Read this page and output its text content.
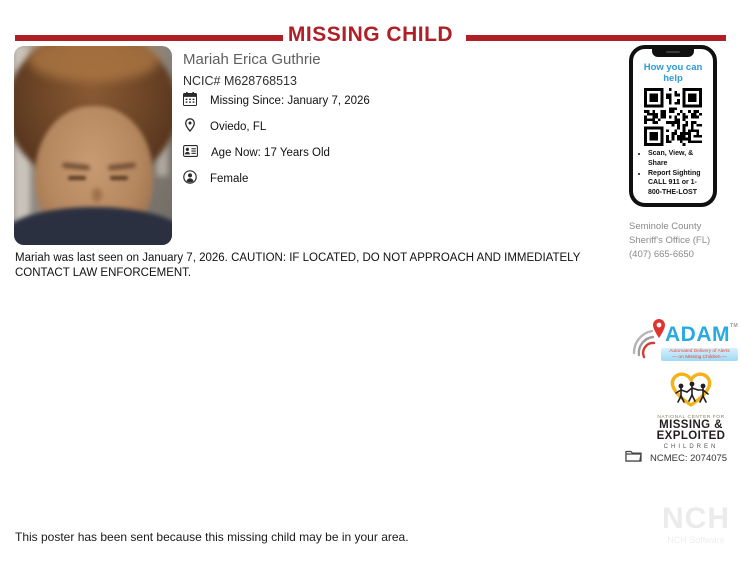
MISSING CHILD
Mariah Erica Guthrie
NCIC# M628768513
Missing Since: January 7, 2026
Oviedo, FL
Age Now: 17 Years Old
Female
How you can help
• Scan, View, & Share
• Report Sighting CALL 911 or 1-800-THE-LOST
Seminole County
Sheriff's Office (FL)
(407) 665-6650
Mariah was last seen on January 7, 2026. CAUTION: IF LOCATED, DO NOT APPROACH AND IMMEDIATELY CONTACT LAW ENFORCEMENT.
ADAM™
Automated Delivery of Alerts
— on Missing Children —
NATIONAL CENTER FOR
MISSING &
EXPLOITED
CHILDREN
NCMEC: 2074075
This poster has been sent because this missing child may be in your area.
NCH
NCH Software
